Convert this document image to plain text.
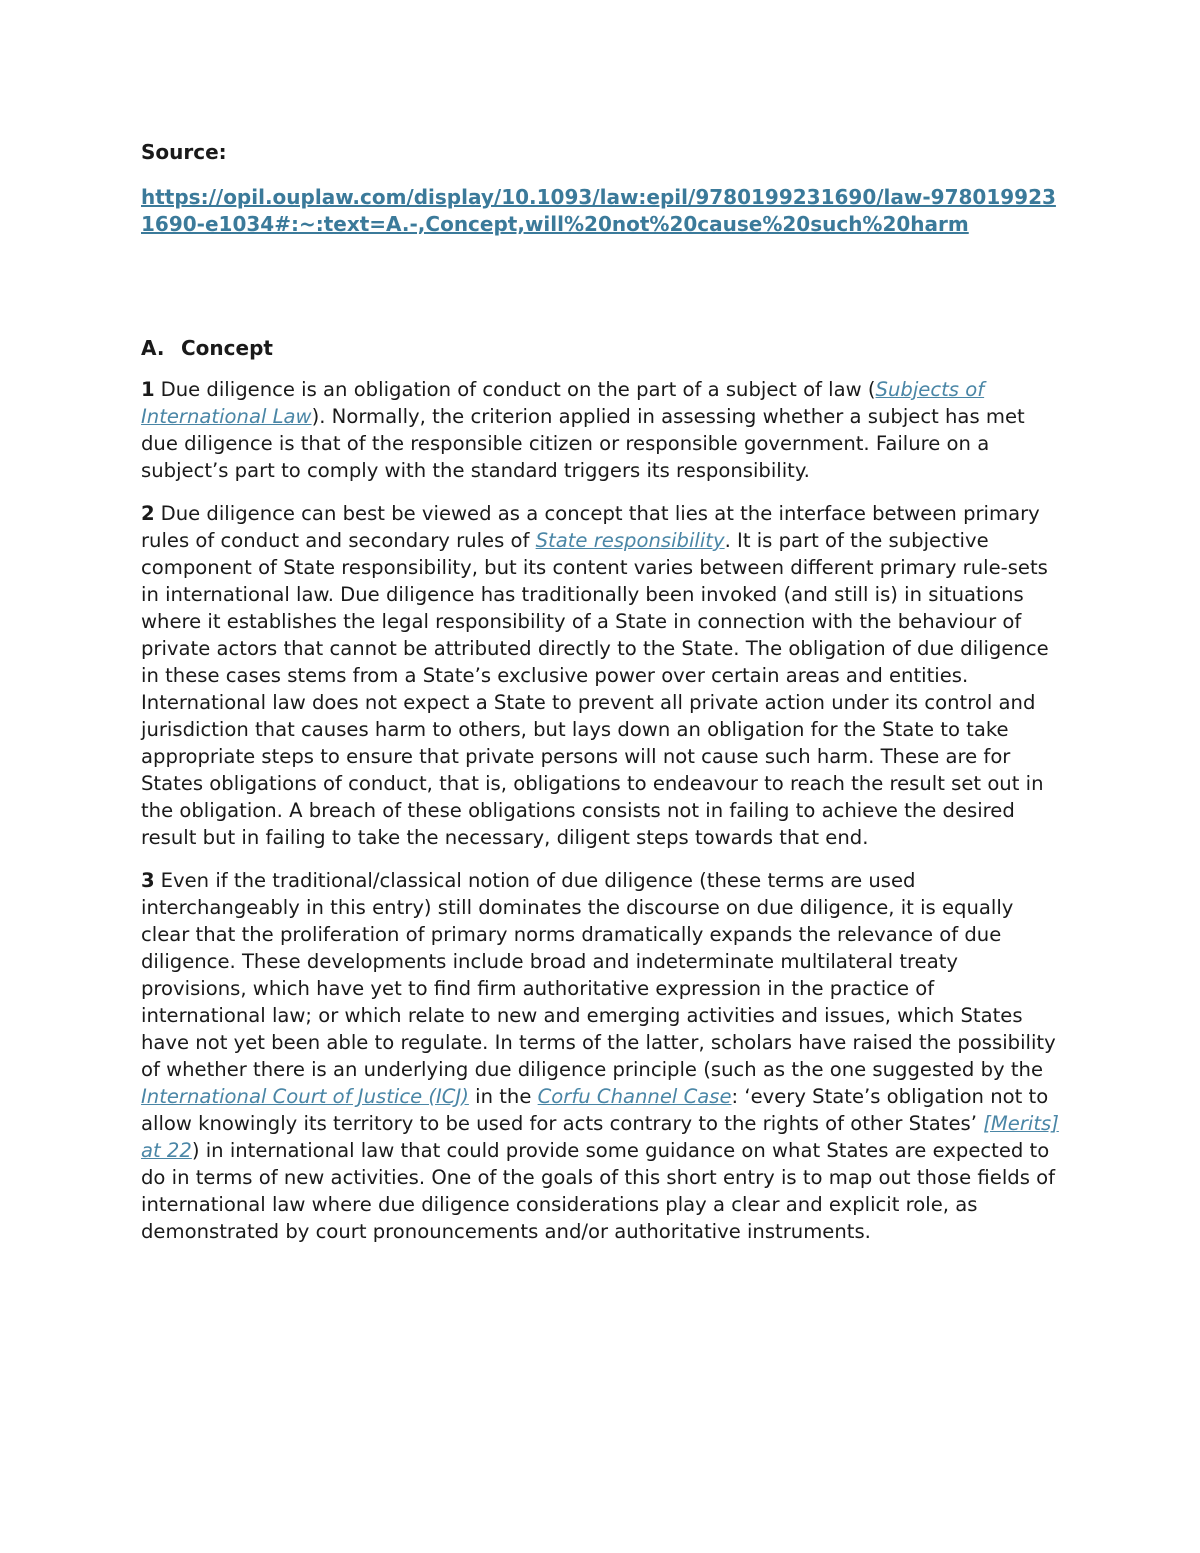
Source:

https://opil.ouplaw.com/display/10.1093/law:epil/9780199231690/law-9780199231690-e1034#:~:text=A.-,Concept,will%20not%20cause%20such%20harm
A. Concept

1 Due diligence is an obligation of conduct on the part of a subject of law (Subjects of International Law). Normally, the criterion applied in assessing whether a subject has met due diligence is that of the responsible citizen or responsible government. Failure on a subject’s part to comply with the standard triggers its responsibility.

2 Due diligence can best be viewed as a concept that lies at the interface between primary rules of conduct and secondary rules of State responsibility. It is part of the subjective component of State responsibility, but its content varies between different primary rule-sets in international law. Due diligence has traditionally been invoked (and still is) in situations where it establishes the legal responsibility of a State in connection with the behaviour of private actors that cannot be attributed directly to the State. The obligation of due diligence in these cases stems from a State’s exclusive power over certain areas and entities. International law does not expect a State to prevent all private action under its control and jurisdiction that causes harm to others, but lays down an obligation for the State to take appropriate steps to ensure that private persons will not cause such harm. These are for States obligations of conduct, that is, obligations to endeavour to reach the result set out in the obligation. A breach of these obligations consists not in failing to achieve the desired result but in failing to take the necessary, diligent steps towards that end.

3 Even if the traditional/classical notion of due diligence (these terms are used interchangeably in this entry) still dominates the discourse on due diligence, it is equally clear that the proliferation of primary norms dramatically expands the relevance of due diligence. These developments include broad and indeterminate multilateral treaty provisions, which have yet to find firm authoritative expression in the practice of international law; or which relate to new and emerging activities and issues, which States have not yet been able to regulate. In terms of the latter, scholars have raised the possibility of whether there is an underlying due diligence principle (such as the one suggested by the International Court of Justice (ICJ) in the Corfu Channel Case: ‘every State’s obligation not to allow knowingly its territory to be used for acts contrary to the rights of other States’ [Merits] at 22) in international law that could provide some guidance on what States are expected to do in terms of new activities. One of the goals of this short entry is to map out those fields of international law where due diligence considerations play a clear and explicit role, as demonstrated by court pronouncements and/or authoritative instruments.
